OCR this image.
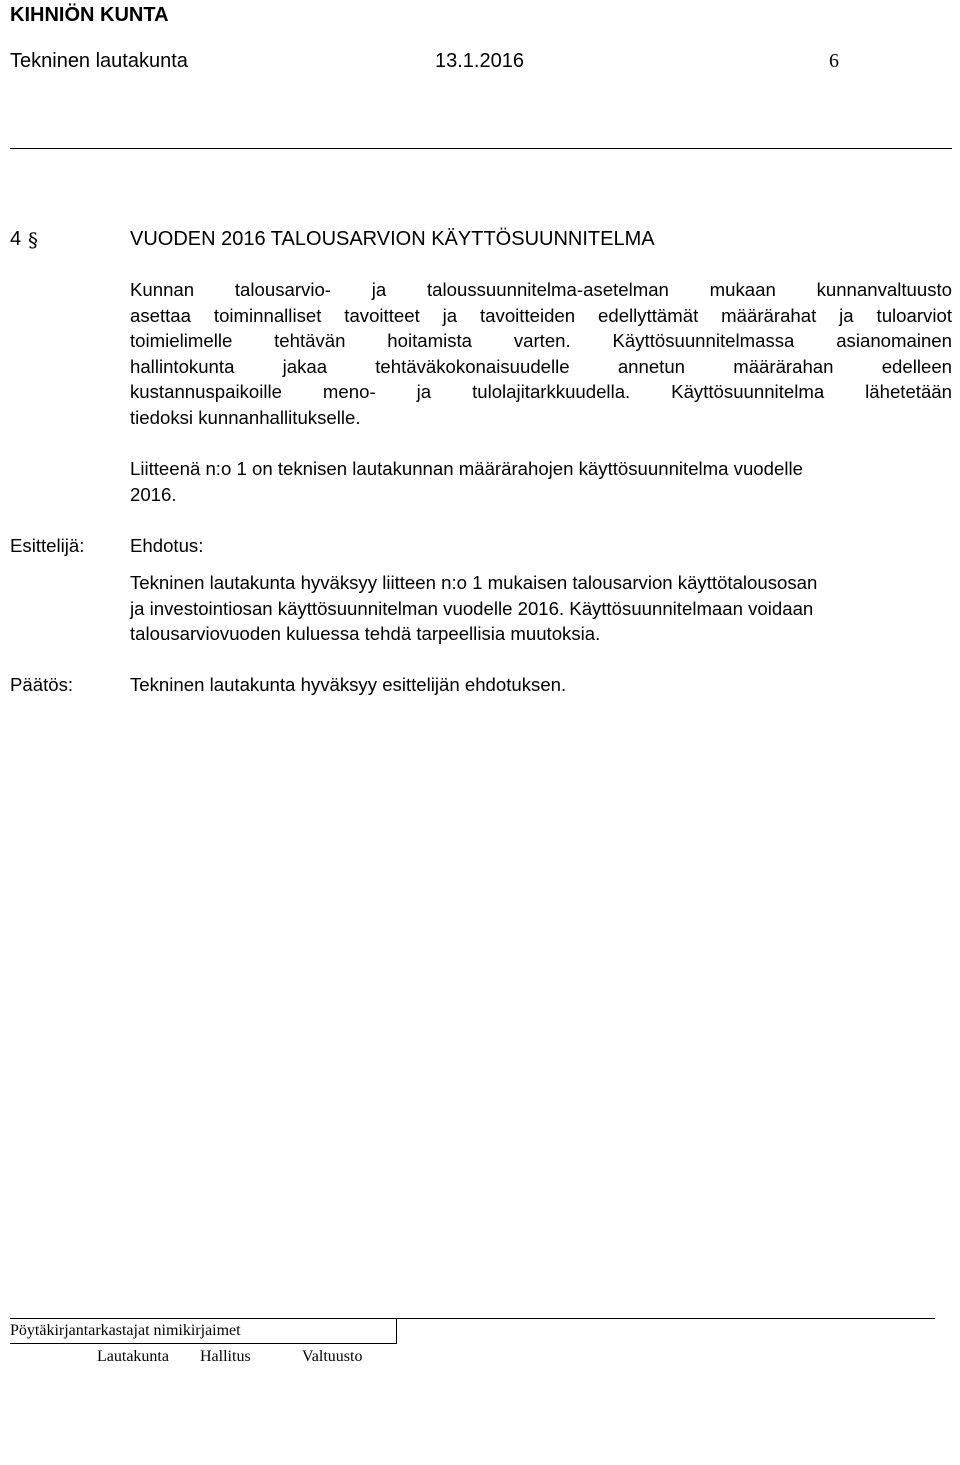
KIHNIÖN KUNTA
Tekninen lautakunta	13.1.2016	6
4 §	VUODEN 2016 TALOUSARVION KÄYTTÖSUUNNITELMA
Kunnan talousarvio- ja taloussuunnitelma-asetelman mukaan kunnanvaltuusto
asettaa toiminnalliset tavoitteet ja tavoitteiden edellyttämät määrärahat ja tuloarviot
toimielimelle tehtävän hoitamista varten. Käyttösuunnitelmassa asianomainen
hallintokunta jakaa tehtäväkokonaisuudelle annetun määrärahan edelleen
kustannuspaikoille meno- ja tulolajitarkkuudella. Käyttösuunnitelma lähetetään
tiedoksi kunnanhallitukselle.
Liitteenä n:o 1 on teknisen lautakunnan määrärahojen käyttösuunnitelma vuodelle
2016.
Esittelijä: Ehdotus:
Tekninen lautakunta hyväksyy liitteen n:o 1 mukaisen talousarvion käyttötalousosan
ja investointiosan käyttösuunnitelman vuodelle 2016. Käyttösuunnitelmaan voidaan
talousarviovuoden kuluessa tehdä tarpeellisia muutoksia.
Päätös:	Tekninen lautakunta hyväksyy esittelijän ehdotuksen.
Pöytäkirjantarkastajat nimikirjaimet
Lautakunta Hallitus	Valtuusto
